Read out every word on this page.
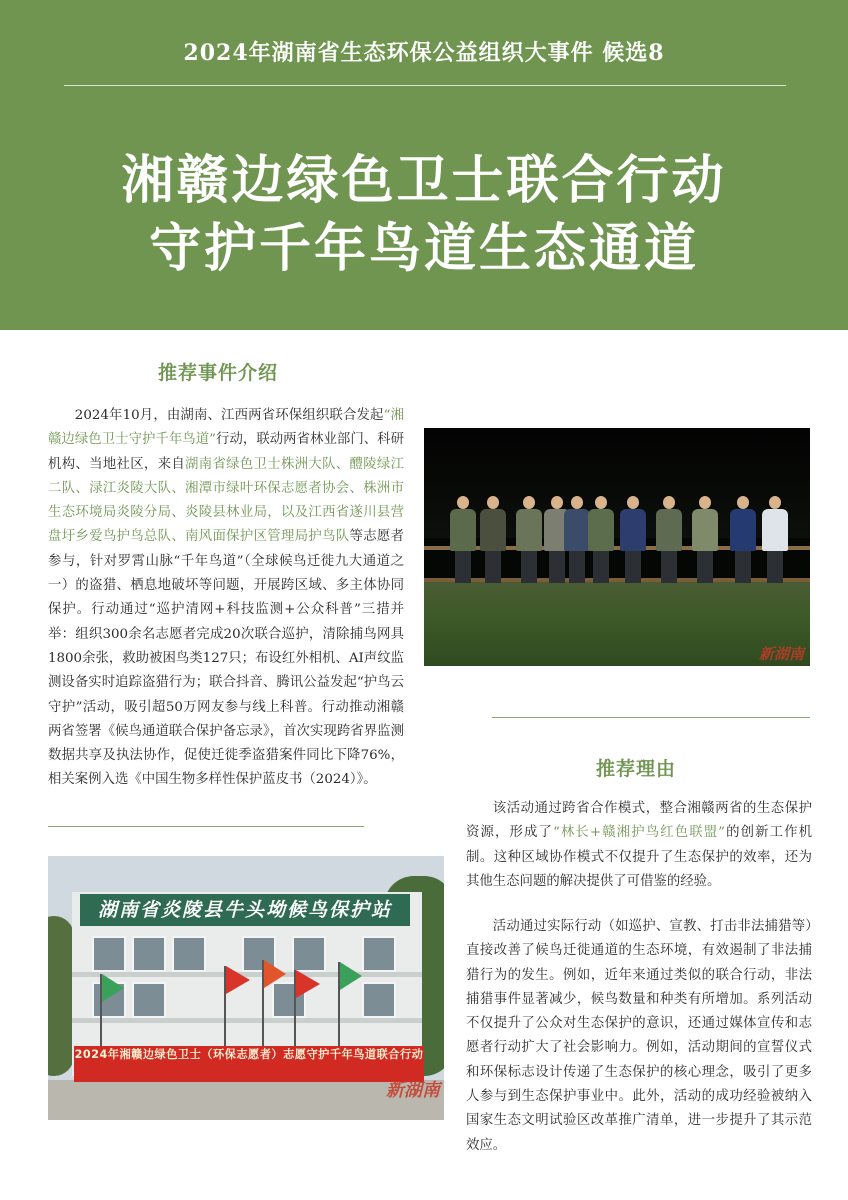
2024年湖南省生态环保公益组织大事件 候选8
湘赣边绿色卫士联合行动
守护千年鸟道生态通道
推荐事件介绍

2024年10月，由湖南、江西两省环保组织联合发起“湘赣边绿色卫士守护千年鸟道”行动，联动两省林业部门、科研机构、当地社区，来自湖南省绿色卫士株洲大队、醴陵绿江二队、渌江炎陵大队、湘潭市绿叶环保志愿者协会、株洲市生态环境局炎陵分局、炎陵县林业局，以及江西省遂川县营盘圩乡爱鸟护鸟总队、南风面保护区管理局护鸟队等志愿者参与，针对罗霄山脉“千年鸟道”（全球候鸟迁徙九大通道之一）的盗猎、栖息地破坏等问题，开展跨区域、多主体协同保护。行动通过“巡护清网+科技监测+公众科普”三措并举：组织300余名志愿者完成20次联合巡护，清除捕鸟网具1800余张，救助被困鸟类127只；布设红外相机、AI声纹监测设备实时追踪盗猎行为；联合抖音、腾讯公益发起“护鸟云守护”活动，吸引超50万网友参与线上科普。行动推动湘赣两省签署《候鸟通道联合保护备忘录》，首次实现跨省界监测数据共享及执法协作，促使迁徙季盗猎案件同比下降76%，相关案例入选《中国生物多样性保护蓝皮书（2024）》。

新湖南
推荐理由

该活动通过跨省合作模式，整合湘赣两省的生态保护资源，形成了“林长+赣湘护鸟红色联盟”的创新工作机制。这种区域协作模式不仅提升了生态保护的效率，还为其他生态问题的解决提供了可借鉴的经验。

活动通过实际行动（如巡护、宣教、打击非法捕猎等）直接改善了候鸟迁徙通道的生态环境，有效遏制了非法捕猎行为的发生。例如，近年来通过类似的联合行动，非法捕猎事件显著减少，候鸟数量和种类有所增加。系列活动不仅提升了公众对生态保护的意识，还通过媒体宣传和志愿者行动扩大了社会影响力。例如，活动期间的宣誓仪式和环保标志设计传递了生态保护的核心理念，吸引了更多人参与到生态保护事业中。此外，活动的成功经验被纳入国家生态文明试验区改革推广清单，进一步提升了其示范效应。

湖南省炎陵县牛头坳候鸟保护站
2024年湘赣边绿色卫士（环保志愿者）志愿守护千年鸟道联合行动
新湖南
